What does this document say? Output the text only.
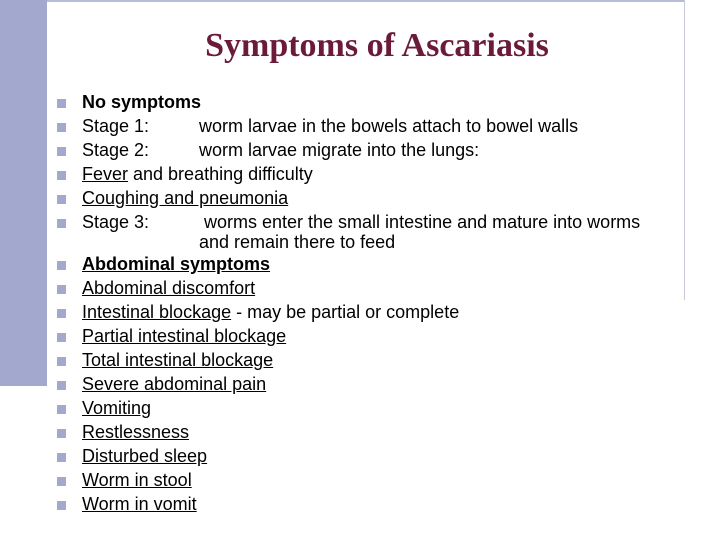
Symptoms of Ascariasis
No symptoms
Stage 1:	worm larvae in the bowels attach to bowel walls
Stage 2:	worm larvae migrate into the lungs:
Fever and breathing difficulty
Coughing and pneumonia
Stage 3:	worms enter the small intestine and mature into worms
and remain there to feed
Abdominal symptoms
Abdominal discomfort
Intestinal blockage - may be partial or complete
Partial intestinal blockage
Total intestinal blockage
Severe abdominal pain
Vomiting
Restlessness
Disturbed sleep
Worm in stool
Worm in vomit
